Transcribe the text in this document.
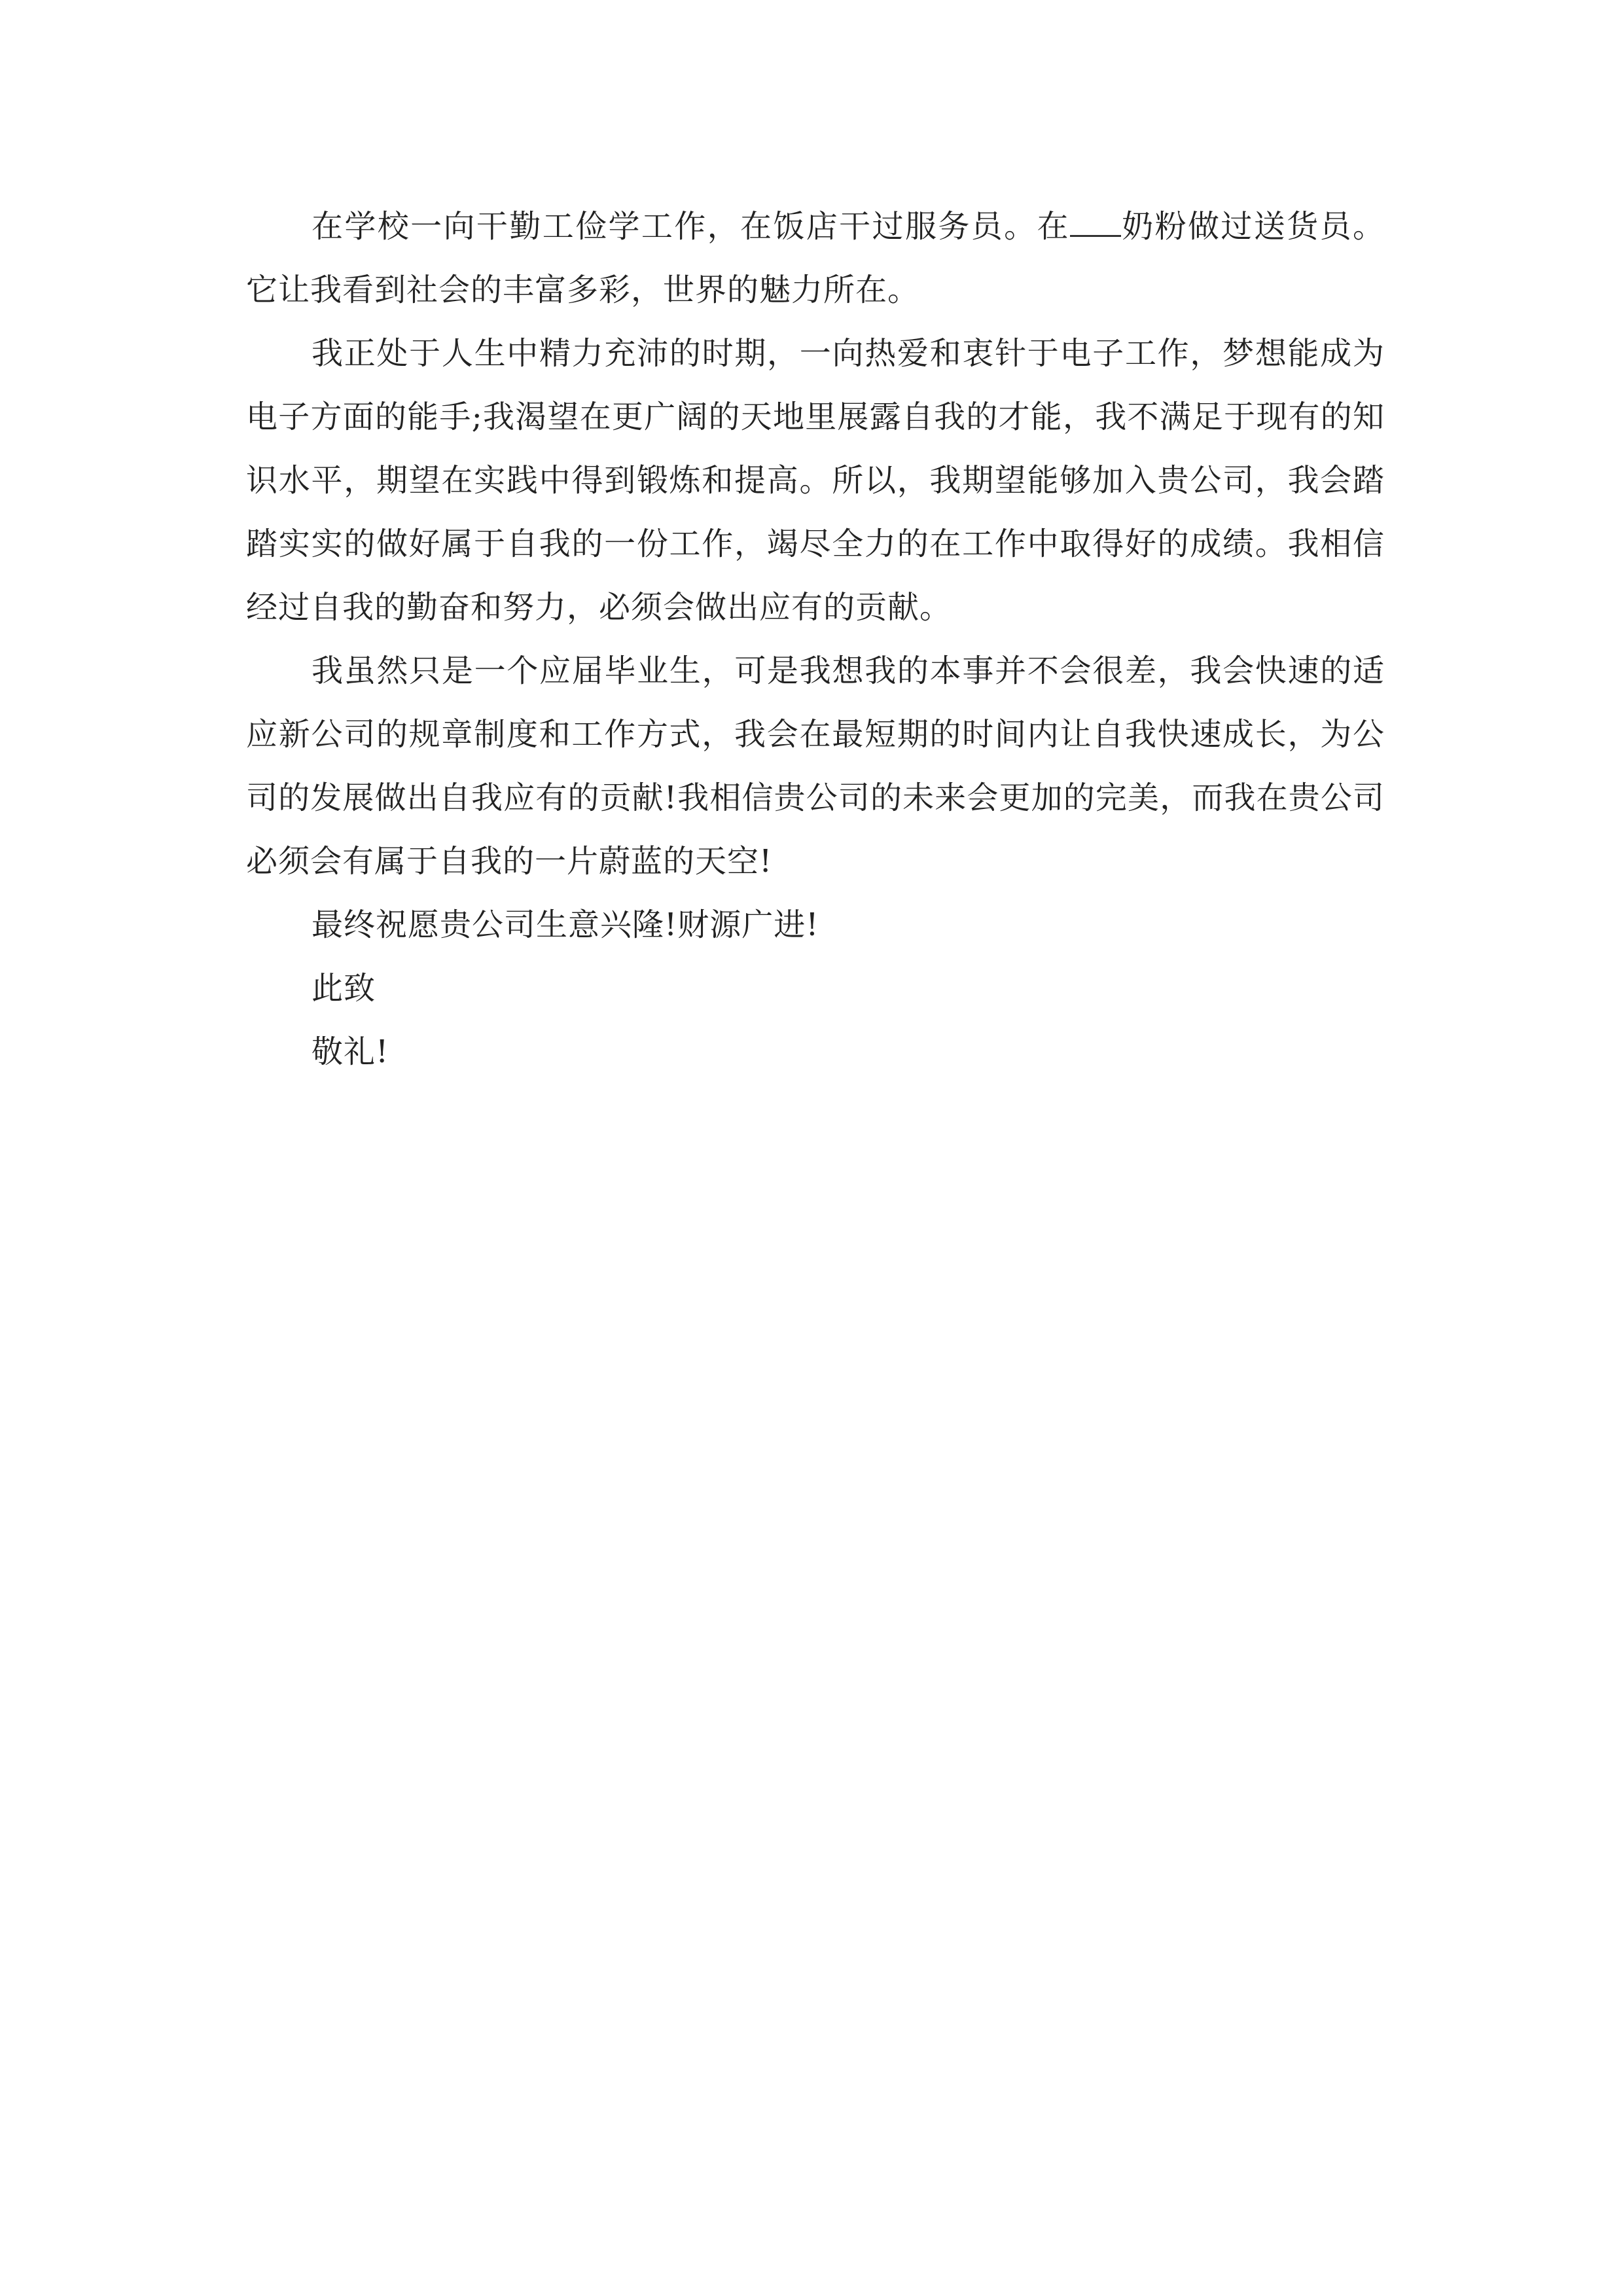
在学校一向干勤工俭学工作，在饭店干过服务员。在 奶粉做过送货员。它让我看到社会的丰富多彩，世界的魅力所在。

我正处于人生中精力充沛的时期，一向热爱和衷针于电子工作，梦想能成为电子方面的能手;我渴望在更广阔的天地里展露自我的才能，我不满足于现有的知识水平，期望在实践中得到锻炼和提高。所以，我期望能够加入贵公司，我会踏踏实实的做好属于自我的一份工作，竭尽全力的在工作中取得好的成绩。我相信经过自我的勤奋和努力，必须会做出应有的贡献。

我虽然只是一个应届毕业生，可是我想我的本事并不会很差，我会快速的适应新公司的规章制度和工作方式，我会在最短期的时间内让自我快速成长，为公司的发展做出自我应有的贡献!我相信贵公司的未来会更加的完美，而我在贵公司必须会有属于自我的一片蔚蓝的天空!

最终祝愿贵公司生意兴隆!财源广进!

此致

敬礼!
